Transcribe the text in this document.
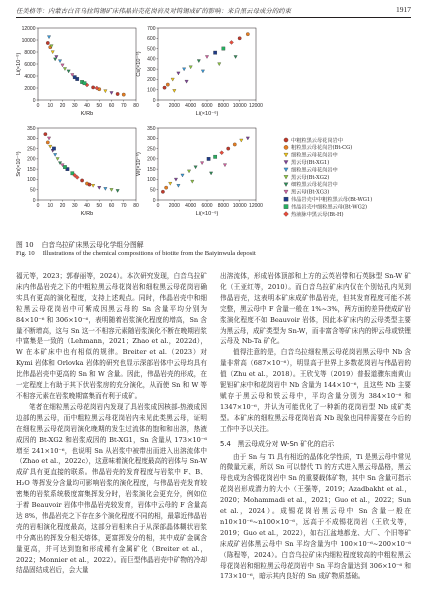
任美格等：内蒙古白音乌拉钨锡矿床伟晶岩壳花岗岩及对钨锡成矿的影响：来自黑云母成分的约束	1917
0 10 20 30 40 50 60 70 80
0
2000
4000
6000
8000
10000
12000
K/Rb
Li(×10⁻⁶)
0 2000 4000 6000 8000 10000 12000
0
100
200
300
400
500
600
700
Li(×10⁻⁶)
Cs(×10⁻⁶)
0 10 20 30 40 50 60 70 80
0
50
100
150
200
250
300
350
K/Rb
Sn(×10⁻⁶)
0 2000 4000 6000 8000 10000 12000
0
50
100
150
200
250
300
350
Li(×10⁻⁶)
W(×10⁻⁶)
中粗粒黑云母花岗岩中
粗粒黑云母花岗岩(Bt-CG)
细粒黑云母花岗岩中
黑云母(Bt-XG1)
细粒黑云母花岗岩中
黑云母(Bt-XG2)
细粒黑云母花岗岩中
黑云母(Bt-XG3)
伟晶岩壳中中粗粒黑云母(Bt-WG1)
伟晶岩壳中细粒黑云母(Bt-WG2)
热液脉中黑云母(Bt-H)
图 10 白音乌拉矿床黑云母化学组分图解
Fig. 10 Illustrations of the chemical compositions of biotite from the Baiyinwula deposit

福元等，2023；郭春丽等，2024）。本次研究发现，白音乌拉矿床内伟晶岩壳之下的中粗粒黑云母花岗岩和细粒黑云母花岗岩确实具有更高的演化程度，支持上述观点。同时，伟晶岩壳中和细粒黑云母花岗岩中可紫成因黑云母的 Sn 含量平均分别为 84×10⁻⁶ 和 306×10⁻⁶，表明随着岩浆演化程度的增高，Sn 含量不断增高，这与 Sn 这一不相容元素随岩浆演化不断在晚期岩浆中富集是一致的（Lehmann，2021；Zhao et al.，2022d），W 在本矿床中也有相似的规律。Breiter et al.（2023）对 Kymi 岩体和 Orlovka 岩体的研究也显示深部岩体中云母均具有比伟晶岩壳中更高的 Sn 和 W 含量。因此，伟晶岩壳的形成，在一定程度上有助于其下伏岩浆房的充分演化，从而使 Sn 和 W 等不相容元素在岩浆晚期富集而有利于成矿。

笔者在细粒黑云母花岗岩内发现了具岩浆成因核部-热液成因边部的黑云母，而中粗粒黑云母花岗岩内未见此类黑云母，证明在细粒黑云母花岗岩演化晚期的发生过流体的饱和和出溶，热液成因的 Bt-XG2 和岩浆成因的 Bt-XG1，Sn 含量从 173×10⁻⁶ 增至 241×10⁻⁶，也说明 Sn 从岩浆中被带出而进入出溶流体中（Zhao et al.，2022c），这意味着演化程度最高的岩体与 Sn-W 成矿具有更直接的联系。伟晶岩壳的发育程度与岩浆中 F、B、H₂O 等挥发分含量均可影响岩浆的演化程度，与伟晶岩壳发育较密集的岩浆系统极度富集挥发分时，岩浆演化会更充分，例如位于着 Beauvoir 岩体中伟晶岩壳较发育，岩体中云母的 F 含量高达 8%，伟晶岩壳之下存在多个演化程度不同的相，最靠近伟晶岩壳的岩相演化程度最高，这部分岩相来自于从深部晶体糊状岩浆中分离出的挥发分相关熔体，更富挥发分的相，其中成矿金属含量更高，并可达到饱和形成稀有金属矿化（Breiter et al.，2022；Monnier et al.，2022）。而巨型伟晶岩壳中矿物的冷却结晶固结成岩后，会大量

出溶流体，形成岩体顶部和上方的云英岩带和石英脉型 Sn-W 矿化（王亚红等，2010）。而白音乌拉矿床内仅在个别钻孔内见到伟晶岩壳，这表明本矿床成矿伟晶岩壳，但其发育程度可能不甚完整，黑云母中 F 含量一般在 1%~3%，两方面的差异使成矿岩浆演化程度不如 Beauvoir 岩体，因此本矿床内的云母类型主要为黑云母，成矿类型为 Sn-W，而非富含等矿床内的钾云母或铁锂云母及 Nb-Ta 矿化。

值得注意的是，白音乌拉细粒黑云母花岗岩黑云母中 Nb 含量非常高（687×10⁻⁶），明显高于世界上多数花岗岩与伟晶岩的值（Zhu et al.，2018）。王欣戈等（2019）普报道骤东南黄山铌钽矿床中和花岗岩中 Nb 含量为 144×10⁻⁶，且这些 Nb 主要赋存于黑云母和铁云母中，平均含量分别为 384×10⁻⁶ 和 1347×10⁻⁶，并认为可能优化了一种新的花岗岩型 Nb 成矿类型。本矿床的细粒黑云母花岗岩高 Nb 现象也同样需要在今后的工作中予以关注。

5.4　黑云母成分对 W-Sn 矿化的启示

由于 Sn 与 Ti 具有相近的晶体化学性质，Ti 是黑云母中常见的微量元素，所以 Sn 可以替代 Ti 的方式进入黑云母晶格，黑云母也成为含锡花岗岩中 Sn 的重要载体矿物，其中 Sn 含量可指示花岗岩形成潜力的大小（王强等，2019；Azadbakht et al.，2020；Mohammadi et al.，2021；Guo et al.，2022；Sun et al.，2024）。成锡花岗岩黑云母中 Sn 含量一般在 n10×10⁻⁶~n100×10⁻⁶，远高于不成锡花岗岩（王欣戈等，2019；Guo et al.，2022），如右江盆地都龙、大厂、个旧等矿床成矿岩体黑云母中 Sn 平均含量为中 100×10⁻⁶~200×10⁻⁶（陈程等，2024）。白音乌拉矿床内细粒程度较高的中粗粒黑云母花岗岩和细粒黑云母花岗岩中 Sn 平均含量达到 306×10⁻⁶ 和 173×10⁻⁶，暗示其内良好的 Sn 成矿物质基础。
